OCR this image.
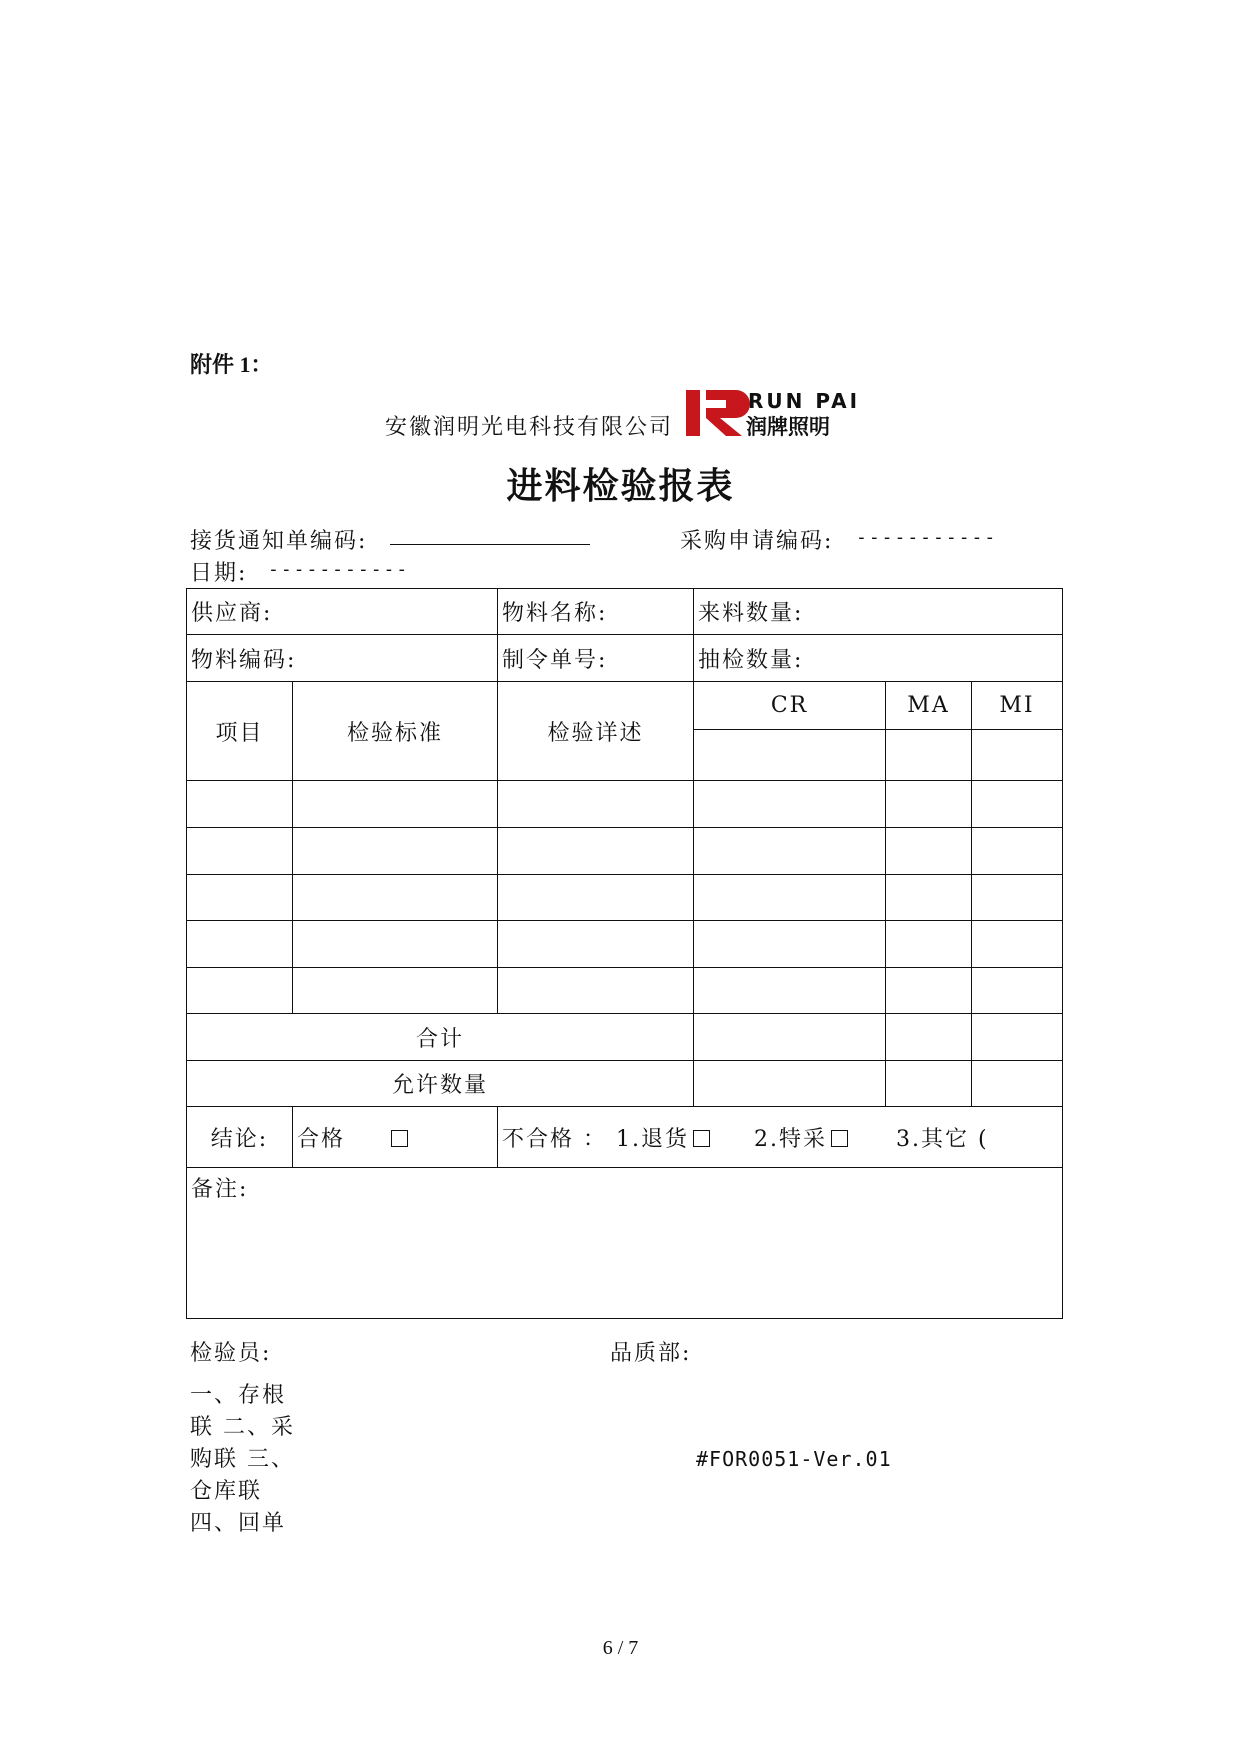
附件 1：
安徽润明光电科技有限公司
RUN PAI
润牌照明
进料检验报表
接货通知单编码:	采购申请编码: -----------
日期: -----------
供应商:		物料名称:	来料数量:		
物料编码:		制令单号:	抽检数量:		
项目	检验标准	检验详述	CR	MA	MI

合计					
允许数量					
结论:	合格	不合格 ： 1.退货 2.特采 3.其它 (			
备注:					
检验员:	品质部:
一、存根
联 二、采
购联 三、
仓库联
四、回单
#FOR0051-Ver.01
6 / 7
